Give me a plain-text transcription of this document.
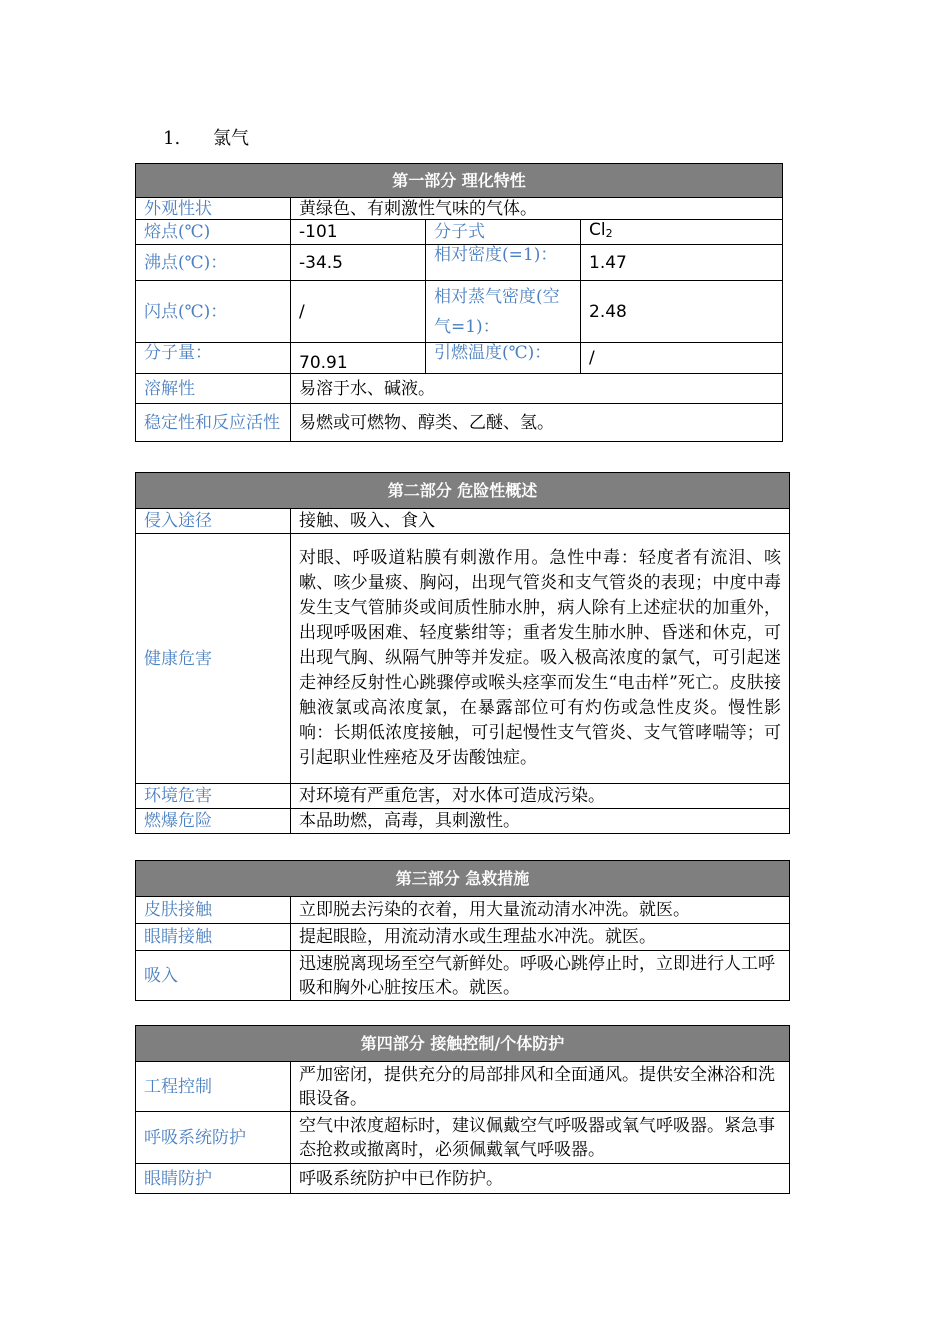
1. 氯气
第一部分 理化特性			
外观性状	黄绿色、有刺激性气味的气体。		
熔点(℃)	-101	分子式	$Cl_2$
沸点(℃)：	-34.5	相对密度(=1)：	1.47
闪点(℃)：	/	相对蒸气密度(空气=1)：	2.48
分子量：	70.91	引燃温度(℃)：	/
溶解性	易溶于水、碱液。		
稳定性和反应活性	易燃或可燃物、醇类、乙醚、氢。		
第二部分 危险性概述	
侵入途径	接触、吸入、食入
健康危害	对眼、呼吸道粘膜有刺激作用。急性中毒：轻度者有流泪、咳嗽、咳少量痰、胸闷，出现气管炎和支气管炎的表现；中度中毒发生支气管肺炎或间质性肺水肿，病人除有上述症状的加重外，出现呼吸困难、轻度紫绀等；重者发生肺水肿、昏迷和休克，可出现气胸、纵隔气肿等并发症。吸入极高浓度的氯气，可引起迷走神经反射性心跳骤停或喉头痉挛而发生“电击样”死亡。皮肤接触液氯或高浓度氯，在暴露部位可有灼伤或急性皮炎。慢性影响：长期低浓度接触，可引起慢性支气管炎、支气管哮喘等；可引起职业性痤疮及牙齿酸蚀症。
环境危害	对环境有严重危害，对水体可造成污染。
燃爆危险	本品助燃，高毒，具刺激性。
第三部分 急救措施	
皮肤接触	立即脱去污染的衣着，用大量流动清水冲洗。就医。
眼睛接触	提起眼睑，用流动清水或生理盐水冲洗。就医。
吸入	迅速脱离现场至空气新鲜处。呼吸心跳停止时，立即进行人工呼吸和胸外心脏按压术。就医。
第四部分 接触控制/个体防护	
工程控制	严加密闭，提供充分的局部排风和全面通风。提供安全淋浴和洗眼设备。
呼吸系统防护	空气中浓度超标时，建议佩戴空气呼吸器或氧气呼吸器。紧急事态抢救或撤离时，必须佩戴氧气呼吸器。
眼睛防护	呼吸系统防护中已作防护。
